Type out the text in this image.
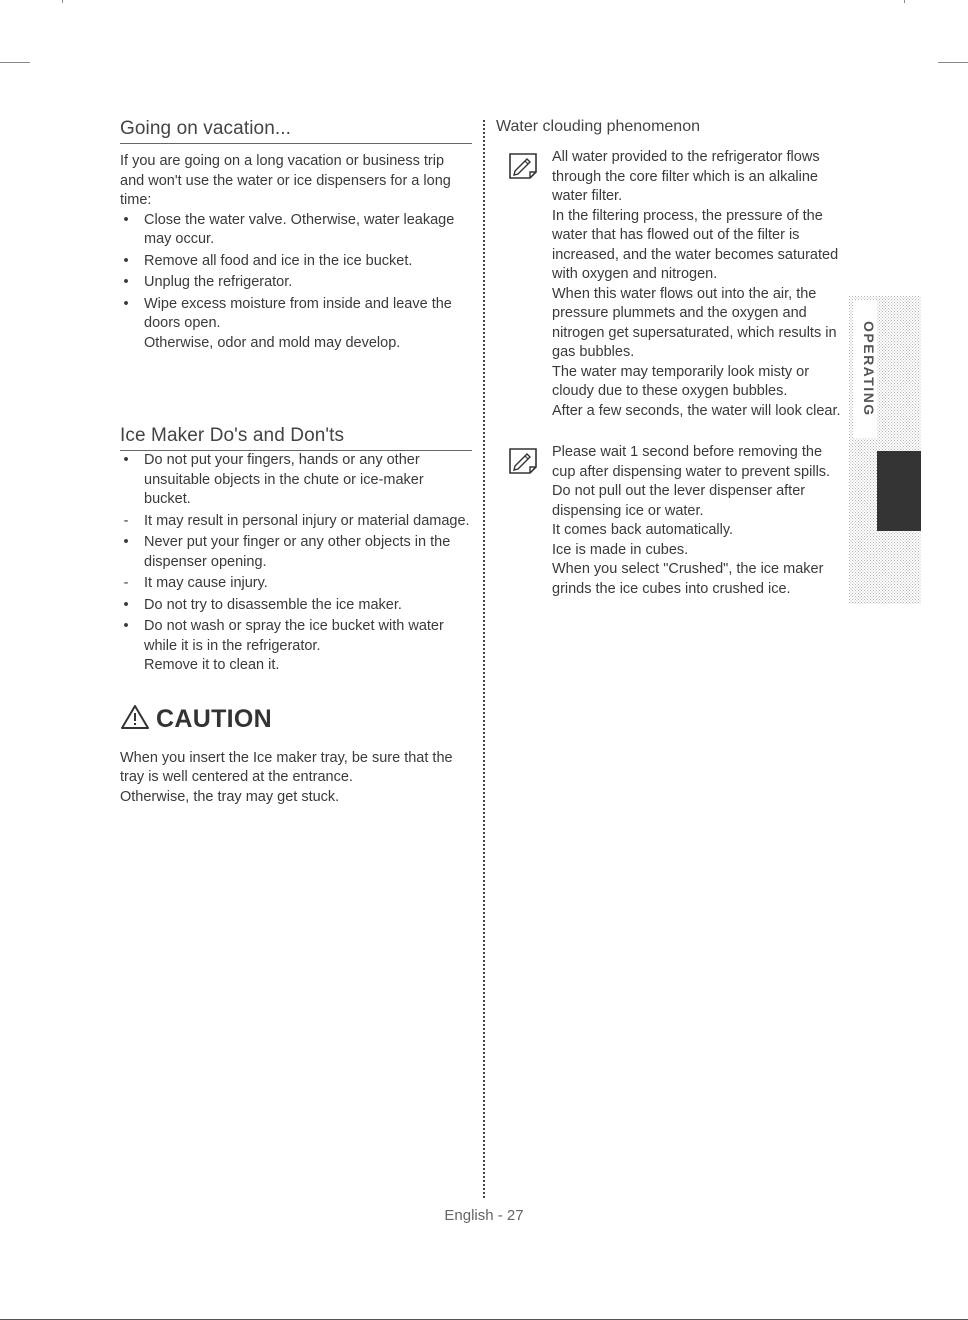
Going on vacation...

If you are going on a long vacation or business trip and won't use the water or ice dispensers for a long time:

• Close the water valve. Otherwise, water leakage may occur.
• Remove all food and ice in the ice bucket.
• Unplug the refrigerator.
• Wipe excess moisture from inside and leave the doors open.
Otherwise, odor and mold may develop.
Ice Maker Do's and Don'ts
• Do not put your fingers, hands or any other unsuitable objects in the chute or ice-maker bucket.
- It may result in personal injury or material damage.
• Never put your finger or any other objects in the dispenser opening.
- It may cause injury.
• Do not try to disassemble the ice maker.
• Do not wash or spray the ice bucket with water while it is in the refrigerator.
Remove it to clean it.
CAUTION

When you insert the Ice maker tray, be sure that the tray is well centered at the entrance.
Otherwise, the tray may get stuck.

Water clouding phenomenon

All water provided to the refrigerator flows through the core filter which is an alkaline water filter.
In the filtering process, the pressure of the water that has flowed out of the filter is increased, and the water becomes saturated with oxygen and nitrogen.
When this water flows out into the air, the pressure plummets and the oxygen and nitrogen get supersaturated, which results in gas bubbles.
The water may temporarily look misty or cloudy due to these oxygen bubbles.
After a few seconds, the water will look clear.

Please wait 1 second before removing the cup after dispensing water to prevent spills.
Do not pull out the lever dispenser after dispensing ice or water.
It comes back automatically.
Ice is made in cubes.
When you select "Crushed", the ice maker grinds the ice cubes into crushed ice.

OPERATING
English - 27
